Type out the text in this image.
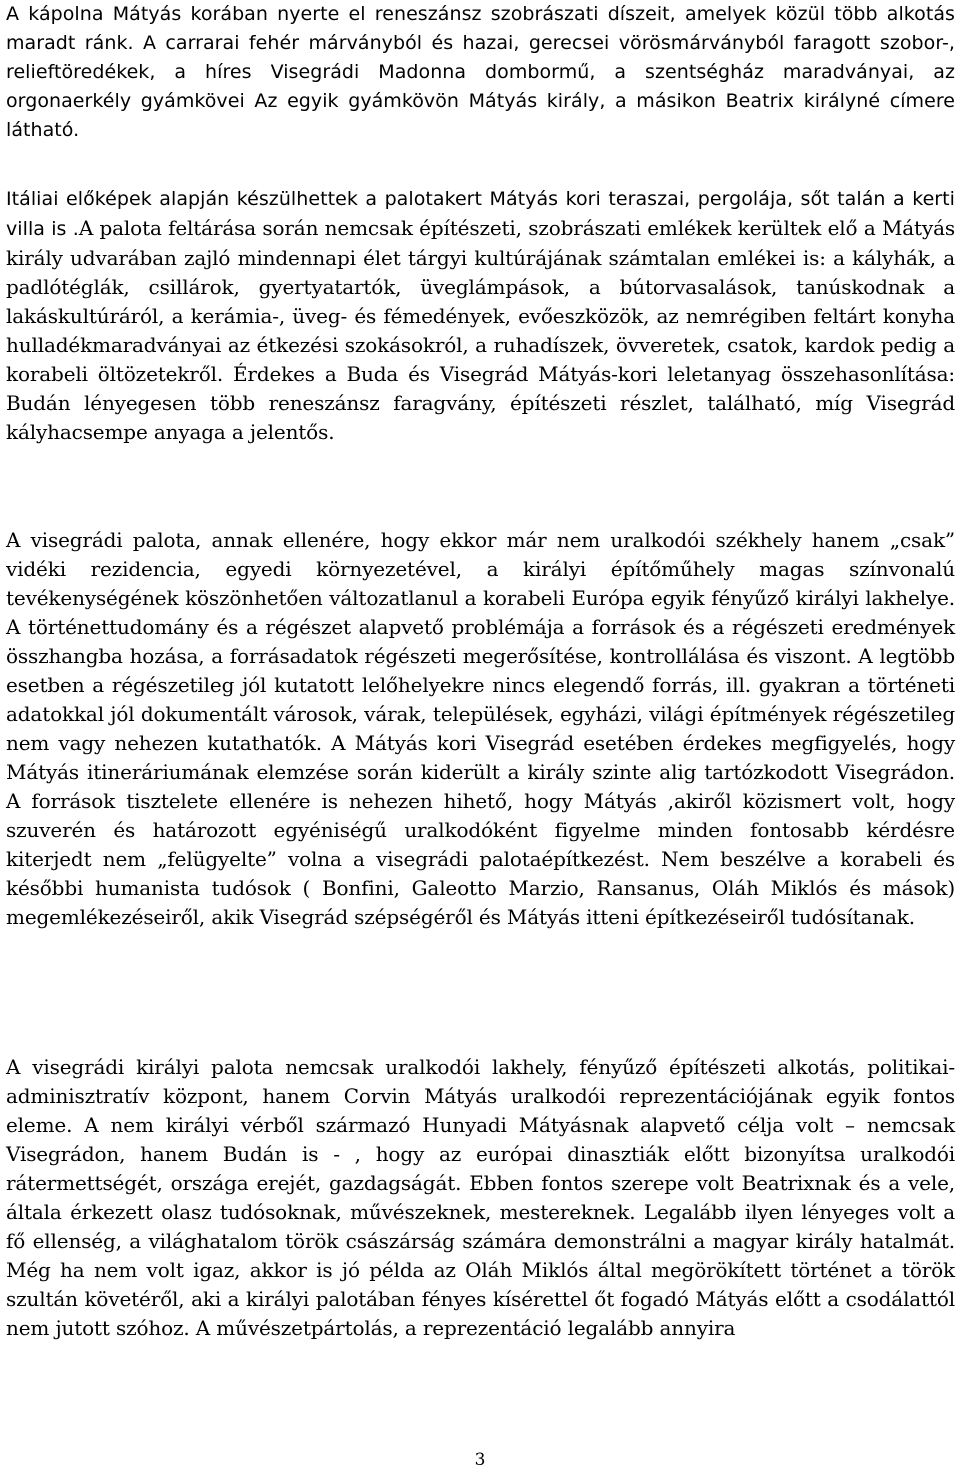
A kápolna Mátyás korában nyerte el reneszánsz szobrászati díszeit, amelyek közül több alkotás maradt ránk. A carrarai fehér márványból és hazai, gerecsei vörösmárványból faragott szobor-, relieftöredékek, a híres Visegrádi Madonna dombormű, a szentségház maradványai, az orgonaerkély gyámkövei Az egyik gyámkövön Mátyás király, a másikon Beatrix királyné címere látható.

Itáliai előképek alapján készülhettek a palotakert Mátyás kori teraszai, pergolája, sőt talán a kerti villa is .A palota feltárása során nemcsak építészeti, szobrászati emlékek kerültek elő a Mátyás király udvarában zajló mindennapi élet tárgyi kultúrájának számtalan emlékei is: a kályhák, a padlótéglák, csillárok, gyertyatartók, üveglámpások, a bútorvasalások, tanúskodnak a lakáskultúráról, a kerámia-, üveg- és fémedények, evőeszközök, az nemrégiben feltárt konyha hulladékmaradványai az étkezési szokásokról, a ruhadíszek, övveretek, csatok, kardok pedig a korabeli öltözetekről. Érdekes a Buda és Visegrád Mátyás-kori leletanyag összehasonlítása: Budán lényegesen több reneszánsz faragvány, építészeti részlet, található, míg Visegrád kályhacsempe anyaga a jelentős.

A visegrádi palota, annak ellenére, hogy ekkor már nem uralkodói székhely hanem „csak” vidéki rezidencia, egyedi környezetével, a királyi építőműhely magas színvonalú tevékenységének köszönhetően változatlanul a korabeli Európa egyik fényűző királyi lakhelye. A történettudomány és a régészet alapvető problémája a források és a régészeti eredmények összhangba hozása, a forrásadatok régészeti megerősítése, kontrollálása és viszont. A legtöbb esetben a régészetileg jól kutatott lelőhelyekre nincs elegendő forrás, ill. gyakran a történeti adatokkal jól dokumentált városok, várak, települések, egyházi, világi építmények régészetileg nem vagy nehezen kutathatók. A Mátyás kori Visegrád esetében érdekes megfigyelés, hogy Mátyás itineráriumának elemzése során kiderült a király szinte alig tartózkodott Visegrádon. A források tisztelete ellenére is nehezen hihető, hogy Mátyás ,akiről közismert volt, hogy szuverén és határozott egyéniségű uralkodóként figyelme minden fontosabb kérdésre kiterjedt nem „felügyelte” volna a visegrádi palotaépítkezést. Nem beszélve a korabeli és későbbi humanista tudósok ( Bonfini, Galeotto Marzio, Ransanus, Oláh Miklós és mások) megemlékezéseiről, akik Visegrád szépségéről és Mátyás itteni építkezéseiről tudósítanak.

A visegrádi királyi palota nemcsak uralkodói lakhely, fényűző építészeti alkotás, politikai-adminisztratív központ, hanem Corvin Mátyás uralkodói reprezentációjának egyik fontos eleme. A nem királyi vérből származó Hunyadi Mátyásnak alapvető célja volt – nemcsak Visegrádon, hanem Budán is - , hogy az európai dinasztiák előtt bizonyítsa uralkodói rátermettségét, országa erejét, gazdagságát. Ebben fontos szerepe volt Beatrixnak és a vele, általa érkezett olasz tudósoknak, művészeknek, mestereknek. Legalább ilyen lényeges volt a fő ellenség, a világhatalom török császárság számára demonstrálni a magyar király hatalmát. Még ha nem volt igaz, akkor is jó példa az Oláh Miklós által megörökített történet a török szultán követéről, aki a királyi palotában fényes kísérettel őt fogadó Mátyás előtt a csodálattól nem jutott szóhoz. A művészetpártolás, a reprezentáció legalább annyira

3
